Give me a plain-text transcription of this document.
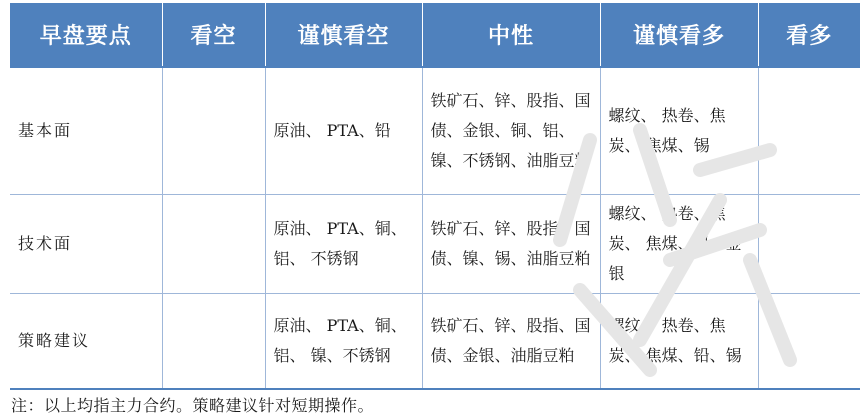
早盘要点	看空	谨慎看空	中性	谨慎看多	看多
基本面		原油、 PTA、铅	铁矿石、锌、股指、国债、金银、铜、铝、镍、不锈钢、油脂豆粕	螺纹、 热卷、焦炭、 焦煤、锡	
技术面		原油、 PTA、铜、铝、 不锈钢	铁矿石、锌、股指、国债、镍、锡、油脂豆粕	螺纹、 热卷、焦炭、 焦煤、铅、金银	
策略建议		原油、 PTA、铜、铝、 镍、不锈钢	铁矿石、锌、股指、国债、金银、油脂豆粕	螺纹、 热卷、焦炭、 焦煤、铅、锡	
注：以上均指主力合约。策略建议针对短期操作。
